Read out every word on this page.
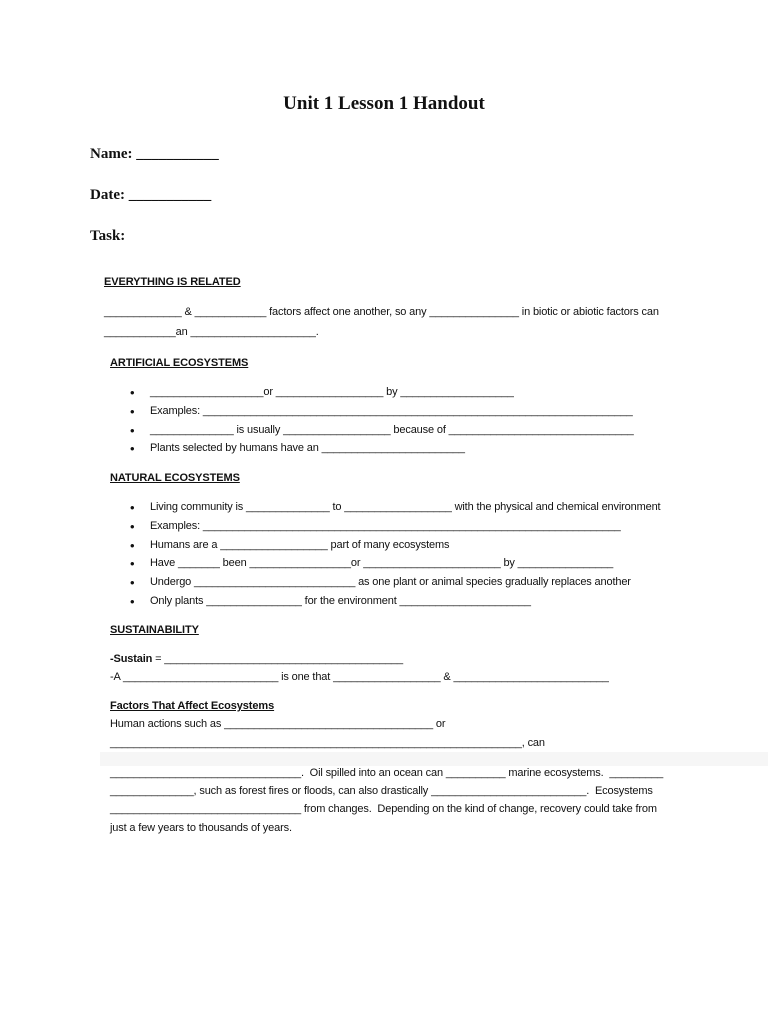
Unit 1 Lesson 1 Handout
Name: ___________
Date: ___________
Task:
EVERYTHING IS RELATED
_____________ & ____________ factors affect one another, so any _______________ in biotic or abiotic factors can
____________an _____________________.
ARTIFICIAL ECOSYSTEMS
• ___________________or __________________ by ___________________
• Examples: ________________________________________________________________________
• ______________ is usually __________________ because of _______________________________
• Plants selected by humans have an ________________________
NATURAL ECOSYSTEMS
• Living community is ______________ to __________________ with the physical and chemical environment
• Examples: ______________________________________________________________________
• Humans are a __________________ part of many ecosystems
• Have _______ been _________________or _______________________ by ________________
• Undergo ___________________________ as one plant or animal species gradually replaces another
• Only plants ________________ for the environment ______________________
SUSTAINABILITY
-Sustain = ________________________________________
-A __________________________ is one that __________________ & __________________________
Factors That Affect Ecosystems
Human actions such as ___________________________________ or
_____________________________________________________________________, can
________________________________.  Oil spilled into an ocean can __________ marine ecosystems.  _________
______________, such as forest fires or floods, can also drastically __________________________.  Ecosystems
________________________________ from changes.  Depending on the kind of change, recovery could take from
just a few years to thousands of years.
